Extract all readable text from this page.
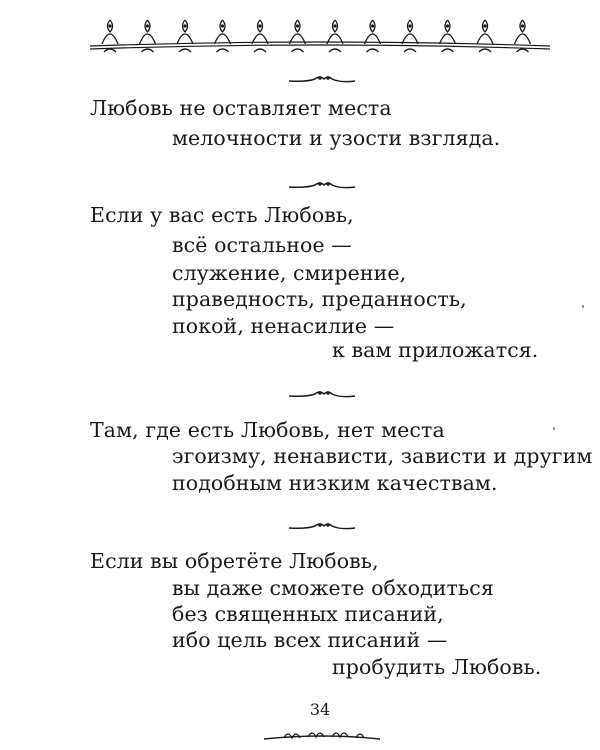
Любовь не оставляет места
мелочности и узости взгляда.
Если у вас есть Любовь,
всё остальное —
служение, смирение,
праведность, преданность,
покой, ненасилие —
к вам приложатся.
Там, где есть Любовь, нет места
эгоизму, ненависти, зависти и другим
подобным низким качествам.
Если вы обретёте Любовь,
вы даже сможете обходиться
без священных писаний,
ибо цель всех писаний —
пробудить Любовь.
34
